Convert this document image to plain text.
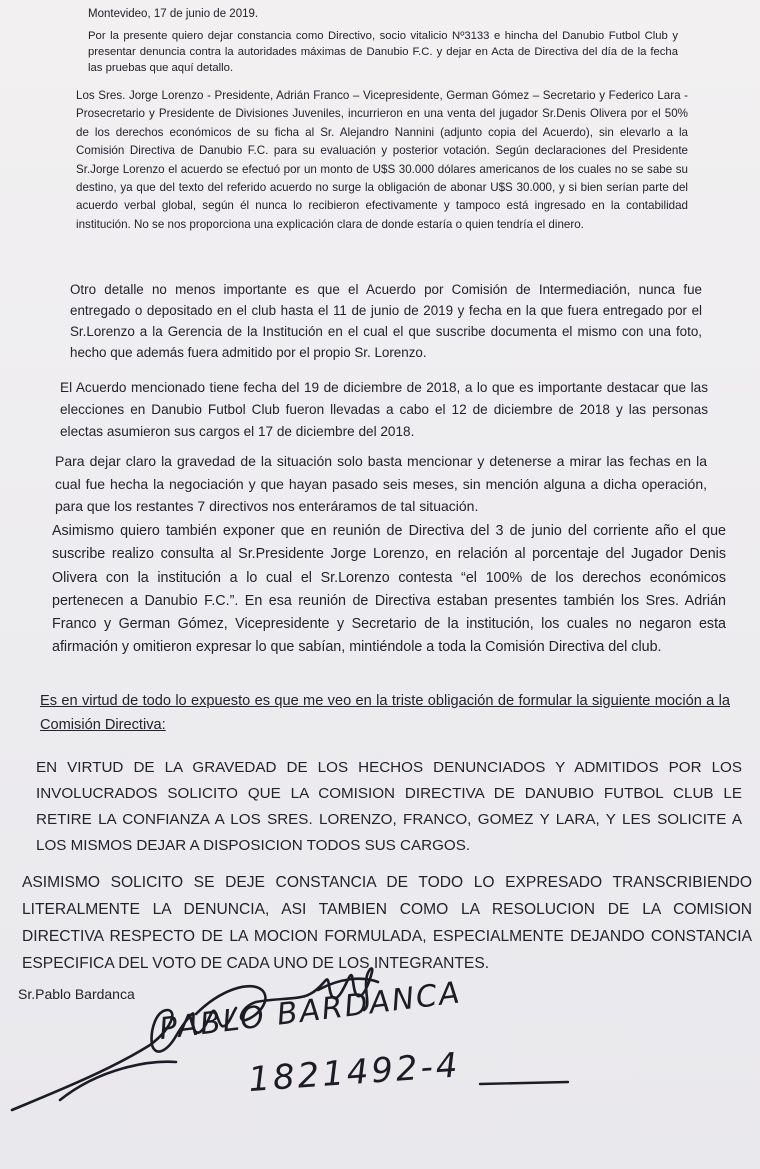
Montevideo, 17 de junio de 2019.

Por la presente quiero dejar constancia como Directivo, socio vitalicio Nº3133 e hincha del Danubio Futbol Club y presentar denuncia contra la autoridades máximas de Danubio F.C. y dejar en Acta de Directiva del día de la fecha las pruebas que aquí detallo.

Los Sres. Jorge Lorenzo - Presidente, Adrián Franco – Vicepresidente, German Gómez – Secretario y Federico Lara - Prosecretario y Presidente de Divisiones Juveniles, incurrieron en una venta del jugador Sr.Denis Olivera por el 50% de los derechos económicos de su ficha al Sr. Alejandro Nannini (adjunto copia del Acuerdo), sin elevarlo a la Comisión Directiva de Danubio F.C. para su evaluación y posterior votación. Según declaraciones del Presidente Sr.Jorge Lorenzo el acuerdo se efectuó por un monto de U$S 30.000 dólares americanos de los cuales no se sabe su destino, ya que del texto del referido acuerdo no surge la obligación de abonar U$S 30.000, y si bien serían parte del acuerdo verbal global, según él nunca lo recibieron efectivamente y tampoco está ingresado en la contabilidad institución. No se nos proporciona una explicación clara de donde estaría o quien tendría el dinero.

Otro detalle no menos importante es que el Acuerdo por Comisión de Intermediación, nunca fue entregado o depositado en el club hasta el 11 de junio de 2019 y fecha en la que fuera entregado por el Sr.Lorenzo a la Gerencia de la Institución en el cual el que suscribe documenta el mismo con una foto, hecho que además fuera admitido por el propio Sr. Lorenzo.

El Acuerdo mencionado tiene fecha del 19 de diciembre de 2018, a lo que es importante destacar que las elecciones en Danubio Futbol Club fueron llevadas a cabo el 12 de diciembre de 2018 y las personas electas asumieron sus cargos el 17 de diciembre del 2018.

Para dejar claro la gravedad de la situación solo basta mencionar y detenerse a mirar las fechas en la cual fue hecha la negociación y que hayan pasado seis meses, sin mención alguna a dicha operación, para que los restantes 7 directivos nos enteráramos de tal situación.

Asimismo quiero también exponer que en reunión de Directiva del 3 de junio del corriente año el que suscribe realizo consulta al Sr.Presidente Jorge Lorenzo, en relación al porcentaje del Jugador Denis Olivera con la institución a lo cual el Sr.Lorenzo contesta “el 100% de los derechos económicos pertenecen a Danubio F.C.”. En esa reunión de Directiva estaban presentes también los Sres. Adrián Franco y German Gómez, Vicepresidente y Secretario de la institución, los cuales no negaron esta afirmación y omitieron expresar lo que sabían, mintiéndole a toda la Comisión Directiva del club.

Es en virtud de todo lo expuesto es que me veo en la triste obligación de formular la siguiente moción a la Comisión Directiva:

EN VIRTUD DE LA GRAVEDAD DE LOS HECHOS DENUNCIADOS Y ADMITIDOS POR LOS INVOLUCRADOS SOLICITO QUE LA COMISION DIRECTIVA DE DANUBIO FUTBOL CLUB LE RETIRE LA CONFIANZA A LOS SRES. LORENZO, FRANCO, GOMEZ Y LARA, Y LES SOLICITE A LOS MISMOS DEJAR A DISPOSICION TODOS SUS CARGOS.

ASIMISMO SOLICITO SE DEJE CONSTANCIA DE TODO LO EXPRESADO TRANSCRIBIENDO LITERALMENTE LA DENUNCIA, ASI TAMBIEN COMO LA RESOLUCION DE LA COMISION DIRECTIVA RESPECTO DE LA MOCION FORMULADA, ESPECIALMENTE DEJANDO CONSTANCIA ESPECIFICA DEL VOTO DE CADA UNO DE LOS INTEGRANTES.

Sr.Pablo Bardanca PABLO BARDANCA
1821492-4
